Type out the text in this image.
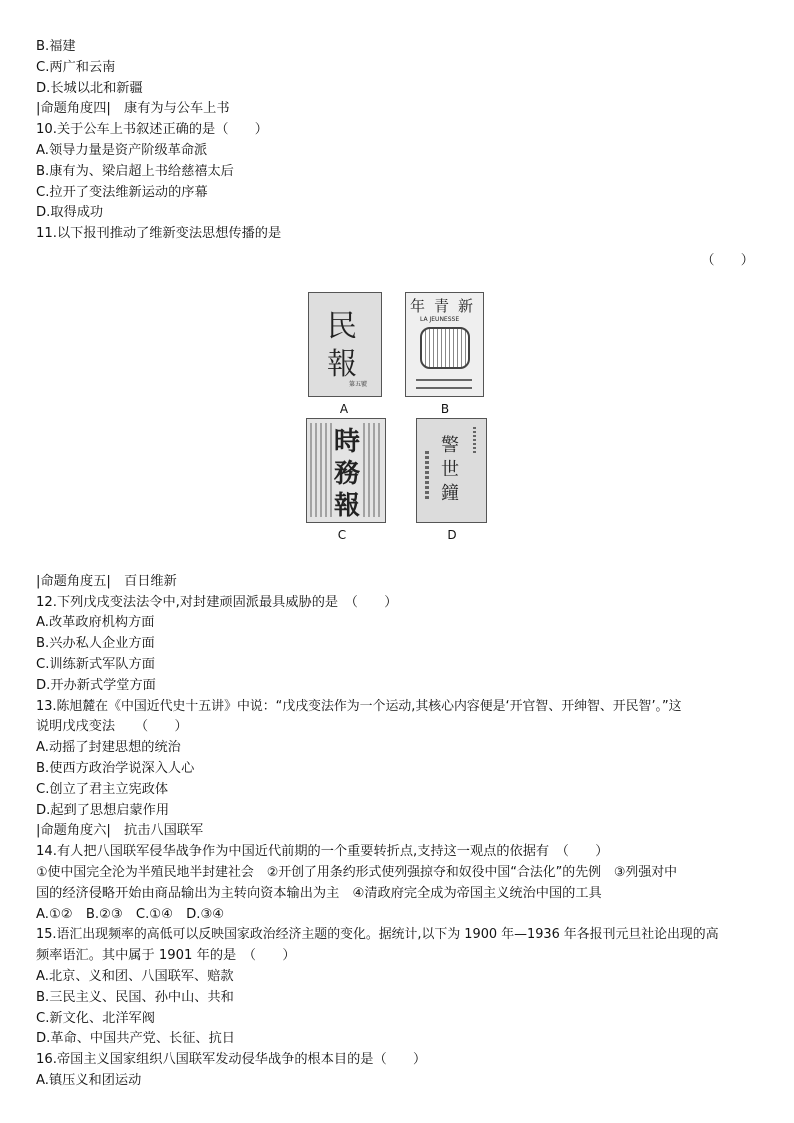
B.福建
C.两广和云南
D.长城以北和新疆
|命题角度四|　康有为与公车上书
10.关于公车上书叙述正确的是（　　）
A.领导力量是资产阶级革命派
B.康有为、梁启超上书给慈禧太后
C.拉开了变法维新运动的序幕
D.取得成功
11.以下报刊推动了维新变法思想传播的是
（　　）
民
報
第五號
A
年 青 新
LA JEUNESSE
B
時
務
報
C
警
世
鐘
D
|命题角度五|　百日维新
12.下列戊戌变法法令中,对封建顽固派最具威胁的是　（　　）
A.改革政府机构方面
B.兴办私人企业方面
C.训练新式军队方面
D.开办新式学堂方面
13.陈旭麓在《中国近代史十五讲》中说：“戊戌变法作为一个运动,其核心内容便是‘开官智、开绅智、开民智’。”这
说明戊戌变法　　（　　）
A.动摇了封建思想的统治
B.使西方政治学说深入人心
C.创立了君主立宪政体
D.起到了思想启蒙作用
|命题角度六|　抗击八国联军
14.有人把八国联军侵华战争作为中国近代前期的一个重要转折点,支持这一观点的依据有　（　　）
①使中国完全沦为半殖民地半封建社会　②开创了用条约形式使列强掠夺和奴役中国“合法化”的先例　③列强对中
国的经济侵略开始由商品输出为主转向资本输出为主　④清政府完全成为帝国主义统治中国的工具
A.①②　B.②③　C.①④　D.③④
15.语汇出现频率的高低可以反映国家政治经济主题的变化。据统计,以下为 1900 年—1936 年各报刊元旦社论出现的高
频率语汇。其中属于 1901 年的是　（　　）
A.北京、义和团、八国联军、赔款
B.三民主义、民国、孙中山、共和
C.新文化、北洋军阀
D.革命、中国共产党、长征、抗日
16.帝国主义国家组织八国联军发动侵华战争的根本目的是（　　）
A.镇压义和团运动
